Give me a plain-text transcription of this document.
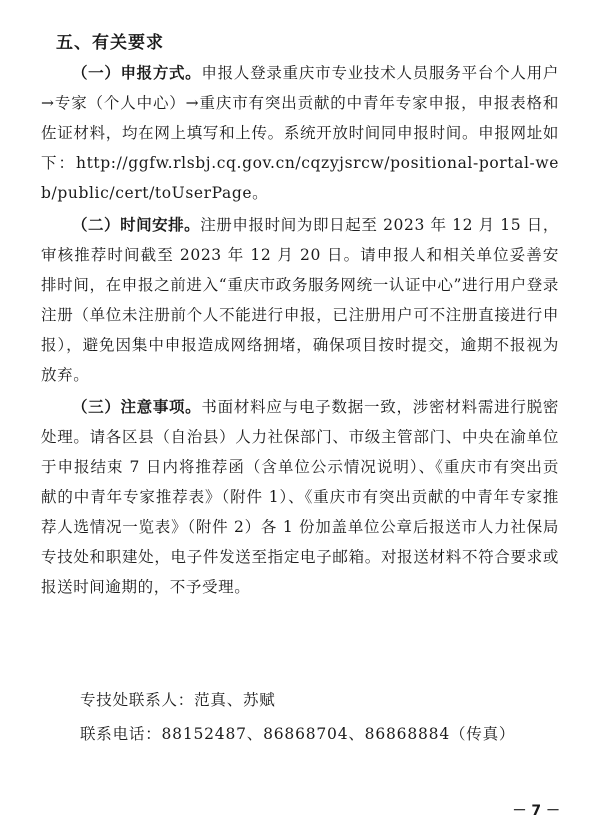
五、有关要求
（一）申报方式。申报人登录重庆市专业技术人员服务平台个人用户→专家（个人中心）→重庆市有突出贡献的中青年专家申报，申报表格和佐证材料，均在网上填写和上传。系统开放时间同申报时间。申报网址如下：http://ggfw.rlsbj.cq.gov.cn/cqzyjsrcw/positional-portal-web/public/cert/toUserPage。
（二）时间安排。注册申报时间为即日起至 2023 年 12 月 15 日，审核推荐时间截至 2023 年 12 月 20 日。请申报人和相关单位妥善安排时间，在申报之前进入“重庆市政务服务网统一认证中心”进行用户登录注册（单位未注册前个人不能进行申报，已注册用户可不注册直接进行申报），避免因集中申报造成网络拥堵，确保项目按时提交，逾期不报视为放弃。
（三）注意事项。书面材料应与电子数据一致，涉密材料需进行脱密处理。请各区县（自治县）人力社保部门、市级主管部门、中央在渝单位于申报结束 7 日内将推荐函（含单位公示情况说明）、《重庆市有突出贡献的中青年专家推荐表》（附件 1）、《重庆市有突出贡献的中青年专家推荐人选情况一览表》（附件 2）各 1 份加盖单位公章后报送市人力社保局专技处和职建处，电子件发送至指定电子邮箱。对报送材料不符合要求或报送时间逾期的，不予受理。
专技处联系人：范真、苏赋
联系电话：88152487、86868704、86868884（传真）
－ 7 －
